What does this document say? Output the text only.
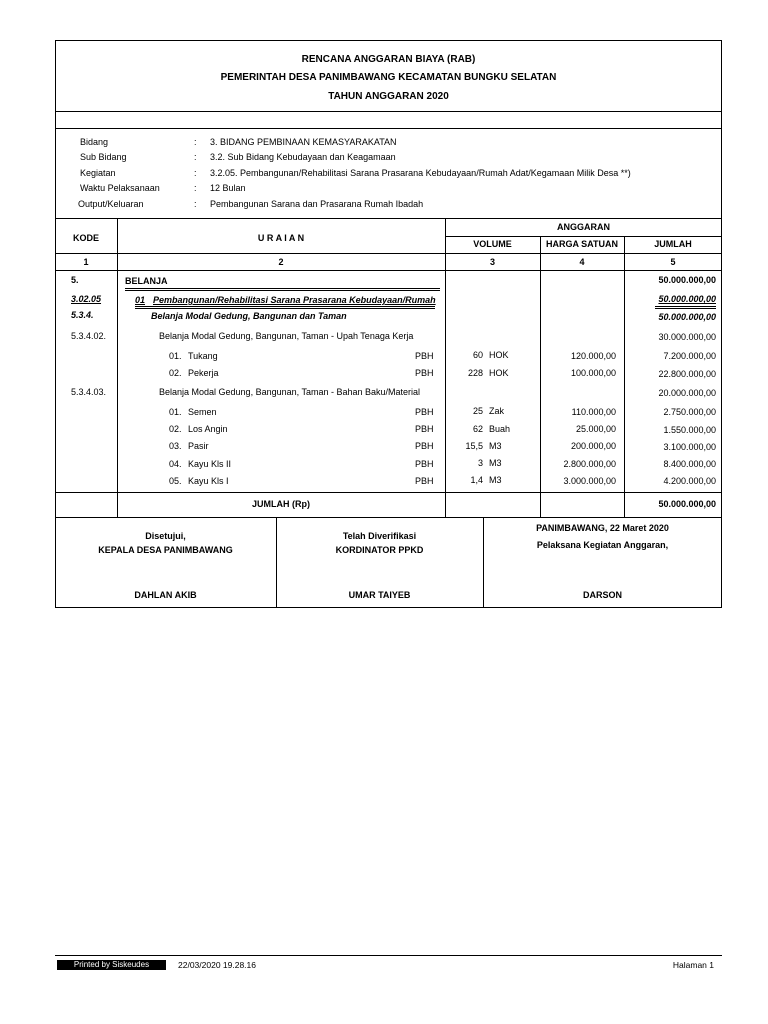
RENCANA ANGGARAN BIAYA (RAB)
PEMERINTAH DESA PANIMBAWANG KECAMATAN BUNGKU SELATAN
TAHUN ANGGARAN 2020
Bidang	: 3. BIDANG PEMBINAAN KEMASYARAKATAN
Sub Bidang	: 3.2. Sub Bidang Kebudayaan dan Keagamaan
Kegiatan	: 3.2.05. Pembangunan/Rehabilitasi Sarana Prasarana Kebudayaan/Rumah Adat/Kegamaan Milik Desa **)
Waktu Pelaksanaan	: 12 Bulan
Output/Keluaran	: Pembangunan Sarana dan Prasarana Rumah Ibadah
KODE	U R A I A N
ANGGARAN
VOLUME	HARGA SATUAN	JUMLAH
1	2	3	4	5
5.	BELANJA	50.000.000,00
3.02.05	01 Pembangunan/Rehabilitasi Sarana Prasarana Kebudayaan/Rumah	50.000.000,00
5.3.4.	Belanja Modal Gedung, Bangunan dan Taman	50.000.000,00
5.3.4.02.	Belanja Modal Gedung, Bangunan, Taman - Upah Tenaga Kerja	30.000.000,00
01. Tukang	PBH	60 HOK	120.000,00	7.200.000,00
02. Pekerja	PBH	228 HOK	100.000,00	22.800.000,00
5.3.4.03.	Belanja Modal Gedung, Bangunan, Taman - Bahan Baku/Material	20.000.000,00
01. Semen	PBH	25 Zak	110.000,00	2.750.000,00
02. Los Angin	PBH	62 Buah	25.000,00	1.550.000,00
03. Pasir	PBH	15,5 M3	200.000,00	3.100.000,00
04. Kayu Kls II	PBH	3 M3	2.800.000,00	8.400.000,00
05. Kayu Kls I	PBH	1,4 M3	3.000.000,00	4.200.000,00
JUMLAH (Rp)	50.000.000,00
Disetujui,
KEPALA DESA PANIMBAWANG
DAHLAN AKIB
Telah Diverifikasi
KORDINATOR PPKD
UMAR TAIYEB
PANIMBAWANG, 22 Maret 2020
Pelaksana Kegiatan Anggaran,
DARSON
Printed by Siskeudes	22/03/2020 19.28.16	Halaman 1
